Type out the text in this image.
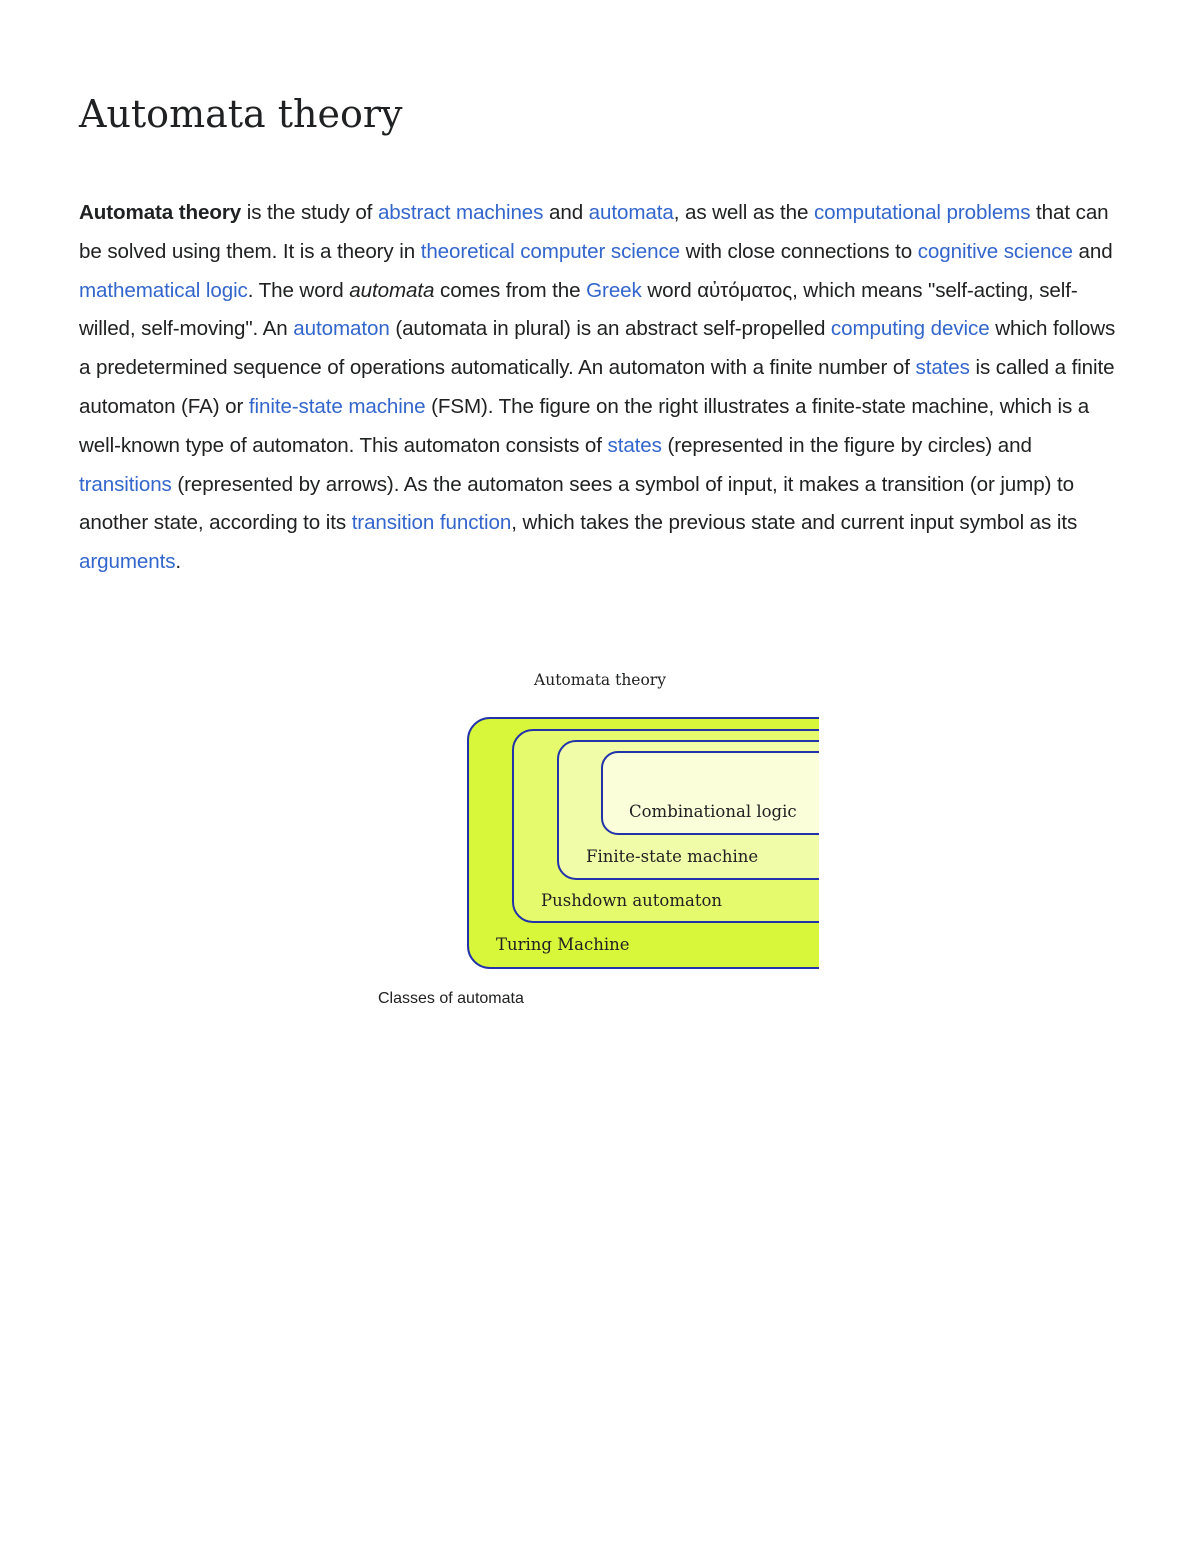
Automata theory

Automata theory is the study of abstract machines and automata, as well as the computational problems that can be solved using them. It is a theory in theoretical computer science with close connections to cognitive science and mathematical logic. The word automata comes from the Greek word αὐτόματος, which means "self-acting, self-willed, self-moving". An automaton (automata in plural) is an abstract self-propelled computing device which follows a predetermined sequence of operations automatically. An automaton with a finite number of states is called a finite automaton (FA) or finite-state machine (FSM). The figure on the right illustrates a finite-state machine, which is a well-known type of automaton. This automaton consists of states (represented in the figure by circles) and transitions (represented by arrows). As the automaton sees a symbol of input, it makes a transition (or jump) to another state, according to its transition function, which takes the previous state and current input symbol as its arguments.

Automata theory
Combinational logic
Finite-state machine
Pushdown automaton
Turing Machine
Classes of automata
